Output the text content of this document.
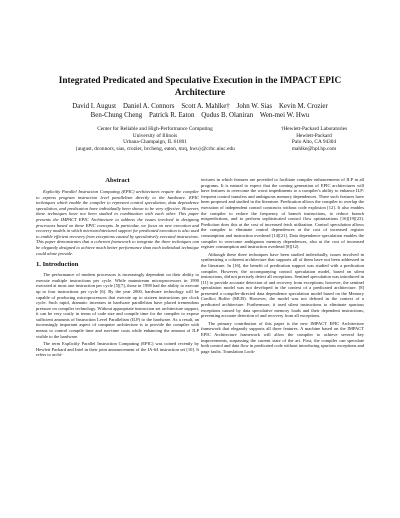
Integrated Predicated and Speculative Execution in the IMPACT EPIC
Architecture
David I. August    Daniel A. Connors    Scott A. Mahlke†    John W. Sias    Kevin M. Crozier
Ben-Chung Cheng    Patrick R. Eaton    Qudus B. Olaniran    Wen-mei W. Hwu
Center for Reliable and High-Performance Computing
University of Illinois
Urbana-Champaign, IL 61801
{august, dconnors, sias, crozier, bccheng, eaton, mrq, hwu}@crhc.uiuc.edu
†Hewlett-Packard Laboratories
Hewlett-Packard
Palo Alto, CA 94304
mahlke@hpl.hp.com
Abstract

Explicitly Parallel Instruction Computing (EPIC) architectures require the compiler to express program instruction level parallelism directly to the hardware. EPIC techniques which enable the compiler to represent control speculation, data dependence speculation, and predication have individually been shown to be very effective. However, these techniques have not been studied in combination with each other. This paper presents the IMPACT EPIC Architecture to address the issues involved in designing processors based on these EPIC concepts. In particular, we focus on new execution and recovery models in which microarchitectural support for predicated execution is also used to enable efficient recovery from exceptions caused by speculatively executed instructions. This paper demonstrates that a coherent framework to integrate the three techniques can be elegantly designed to achieve much better performance than each individual technique could alone provide.

1. Introduction

The performance of modern processors is increasingly dependent on their ability to execute multiple instructions per cycle. While mainstream microprocessors in 1990 executed at most one instruction per cycle [5][7], those in 1998 had the ability to execute up to four instructions per cycle [6]. By the year 2000, hardware technology will be capable of producing microprocessors that execute up to sixteen instructions per clock cycle. Such rapid, dramatic increases in hardware parallelism have placed tremendous pressure on compiler technology. Without appropriate instruction set architecture support, it can be very costly in terms of code size and compile time for the compiler to expose sufficient amounts of Instruction Level Parallelism (ILP) to the hardware. As a result, an increasingly important aspect of computer architecture is to provide the compiler with means to control compile time and run-time costs while enhancing the amount of ILP visible to the hardware.

The term Explicitly Parallel Instruction Computing (EPIC) was coined recently by Hewlett Packard and Intel in their joint announcement of the IA-64 instruction set [10]. It refers to archi-

tectures in which features are provided to facilitate compiler enhancements of ILP in all programs. It is natural to expect that the coming generation of EPIC architectures will have features to overcome the worst impediments to a compiler's ability to enhance ILP: frequent control transfers and ambiguous memory dependences. Three such features have been proposed and studied in the literature. Predication allows the compiler to overlap the execution of independent control constructs without code explosion [12]. It also enables the compiler to reduce the frequency of branch instructions, to reduce branch mispredictions, and to perform sophisticated control flow optimizations [16][19][23]. Prediction does this at the cost of increased fetch utilization. Control speculation allows the compiler to eliminate control dependences at the cost of increased register consumption and instruction overhead [14][21]. Data dependence speculation enables the compiler to overcome ambiguous memory dependences, also at the cost of increased register consumption and instruction overhead [8][12].

Although these three techniques have been studied individually, issues involved in synthesizing a coherent architecture that supports all of them have not been addressed in the literature. In [16], the benefit of predication support was studied with a predication compiler. However, the accompanying control speculation model, based on silent instructions, did not precisely detect all exceptions. Sentinel speculation was introduced in [11] to provide accurate detection of and recovery from exceptions; however, the sentinel speculation model was not developed in the context of a predicated architecture. [8] presented a compiler-directed data dependence speculation model based on the Memory Conflict Buffer (MCB). However, the model was not defined in the context of a predicated architecture. Furthermore, it used silent instructions to eliminate spurious exceptions caused by data speculative memory loads and their dependent instructions, preventing accurate detection of and recovery from all exceptions.

The primary contribution of this paper is the new IMPACT EPIC Architecture framework that elegantly supports all three features. A machine based on the IMPACT EPIC Architecture framework will allow the compiler to achieve several key improvements, surpassing the current state of the art. First, the compiler can speculate both control and data flow in predicated code without introducing spurious exceptions and page faults. Translation Look-
